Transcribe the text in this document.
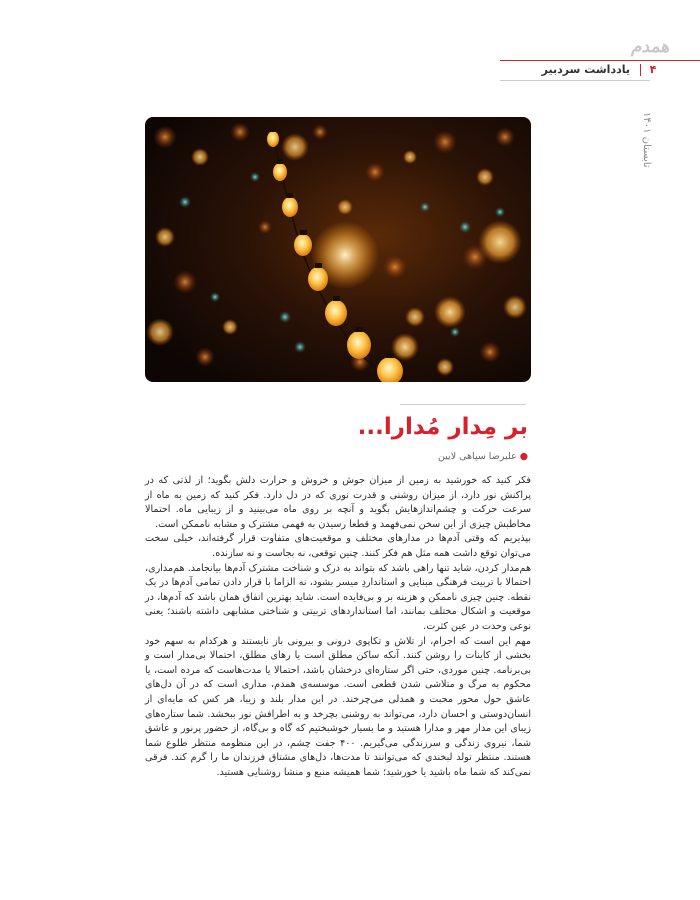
همدم
یادداشت سردبیر	۴
تابستان ۱۴۰۱
بر مِدار مُدارا...
● علیرضا سپاهی لایین

فکر کنید که خورشید به زمین از میزان جوش و خروش و حرارت دلش بگوید؛ از لذتی که در پراکنش نور دارد، از میزان روشنی و قدرت نوری که در دل دارد. فکر کنید که زمین به ماه از سرعت حرکت و چشم‌اندازهایش بگوید و آنچه بر روی ماه می‌بینید و از زیبایی ماه. احتمالا مخاطبش چیزی از این سخن نمی‌فهمد و قطعا رسیدن به فهمی مشترک و مشابه ناممکن است.

بپذیریم که وقتی آدم‌ها در مدارهای مختلف و موقعیت‌های متفاوت قرار گرفته‌اند، خیلی سخت می‌توان توقع داشت همه مثل هم فکر کنند. چنین توقعی، نه بجاست و نه سازنده.

هم‌مدار کردن، شاید تنها راهی باشد که بتواند به درک و شناخت مشترک آدم‌ها بیانجامد. هم‌مداری، احتمالا با تربیت فرهنگی مبنایی و استانداردِ میسر بشود، نه الزاما با قرار دادن تمامی آدم‌ها در یک نقطه. چنین چیزی ناممکن و هزینه بر و بی‌فایده است. شاید بهترین اتفاق همان باشد که آدم‌ها، در موقعیت و اشکال مختلف بمانند، اما استانداردهای تربیتی و شناختی مشابهی داشته باشند؛ یعنی نوعی وحدت در عین کثرت.

مهم این است که اجرام، از تلاش و تکاپوی درونی و بیرونی باز نایستند و هرکدام به سهم خود بخشی از کاینات را روشن کنند. آنکه ساکن مطلق است یا رهای مطلق، احتمالا بی‌مدار است و بی‌برنامه. چنین موردی، حتی اگر ستاره‌ای درخشان باشد، احتمالا یا مدت‌هاست که مرده است، یا محکوم به مرگ و متلاشی شدن قطعی است. موسسه‌ی همدم، مداری است که در آن دل‌های عاشق حول محور محبت و همدلی می‌چرخند. در این مدار بلند و زیبا، هر کس که مایه‌ای از انسان‌دوستی و احسان دارد، می‌تواند به روشنی بچرخد و به اطرافش نور ببخشد. شما ستاره‌های زیبای این مدار مهر و مدارا هستید و ما بسیار خوشبختیم که گاه و بی‌گاه، از حضور پرنور و عاشق شما، نیروی زندگی و سرزندگی می‌گیریم. ۴۰۰ جفت چشم، در این منظومه منتظر طلوع شما هستند. منتظر تولد لبخندی که می‌توانند تا مدت‌ها، دل‌های مشتاق فرزندان ما را گرم کند. فرقی نمی‌کند که شما ماه باشید یا خورشید؛ شما همیشه منبع و منشا روشنایی هستید.
